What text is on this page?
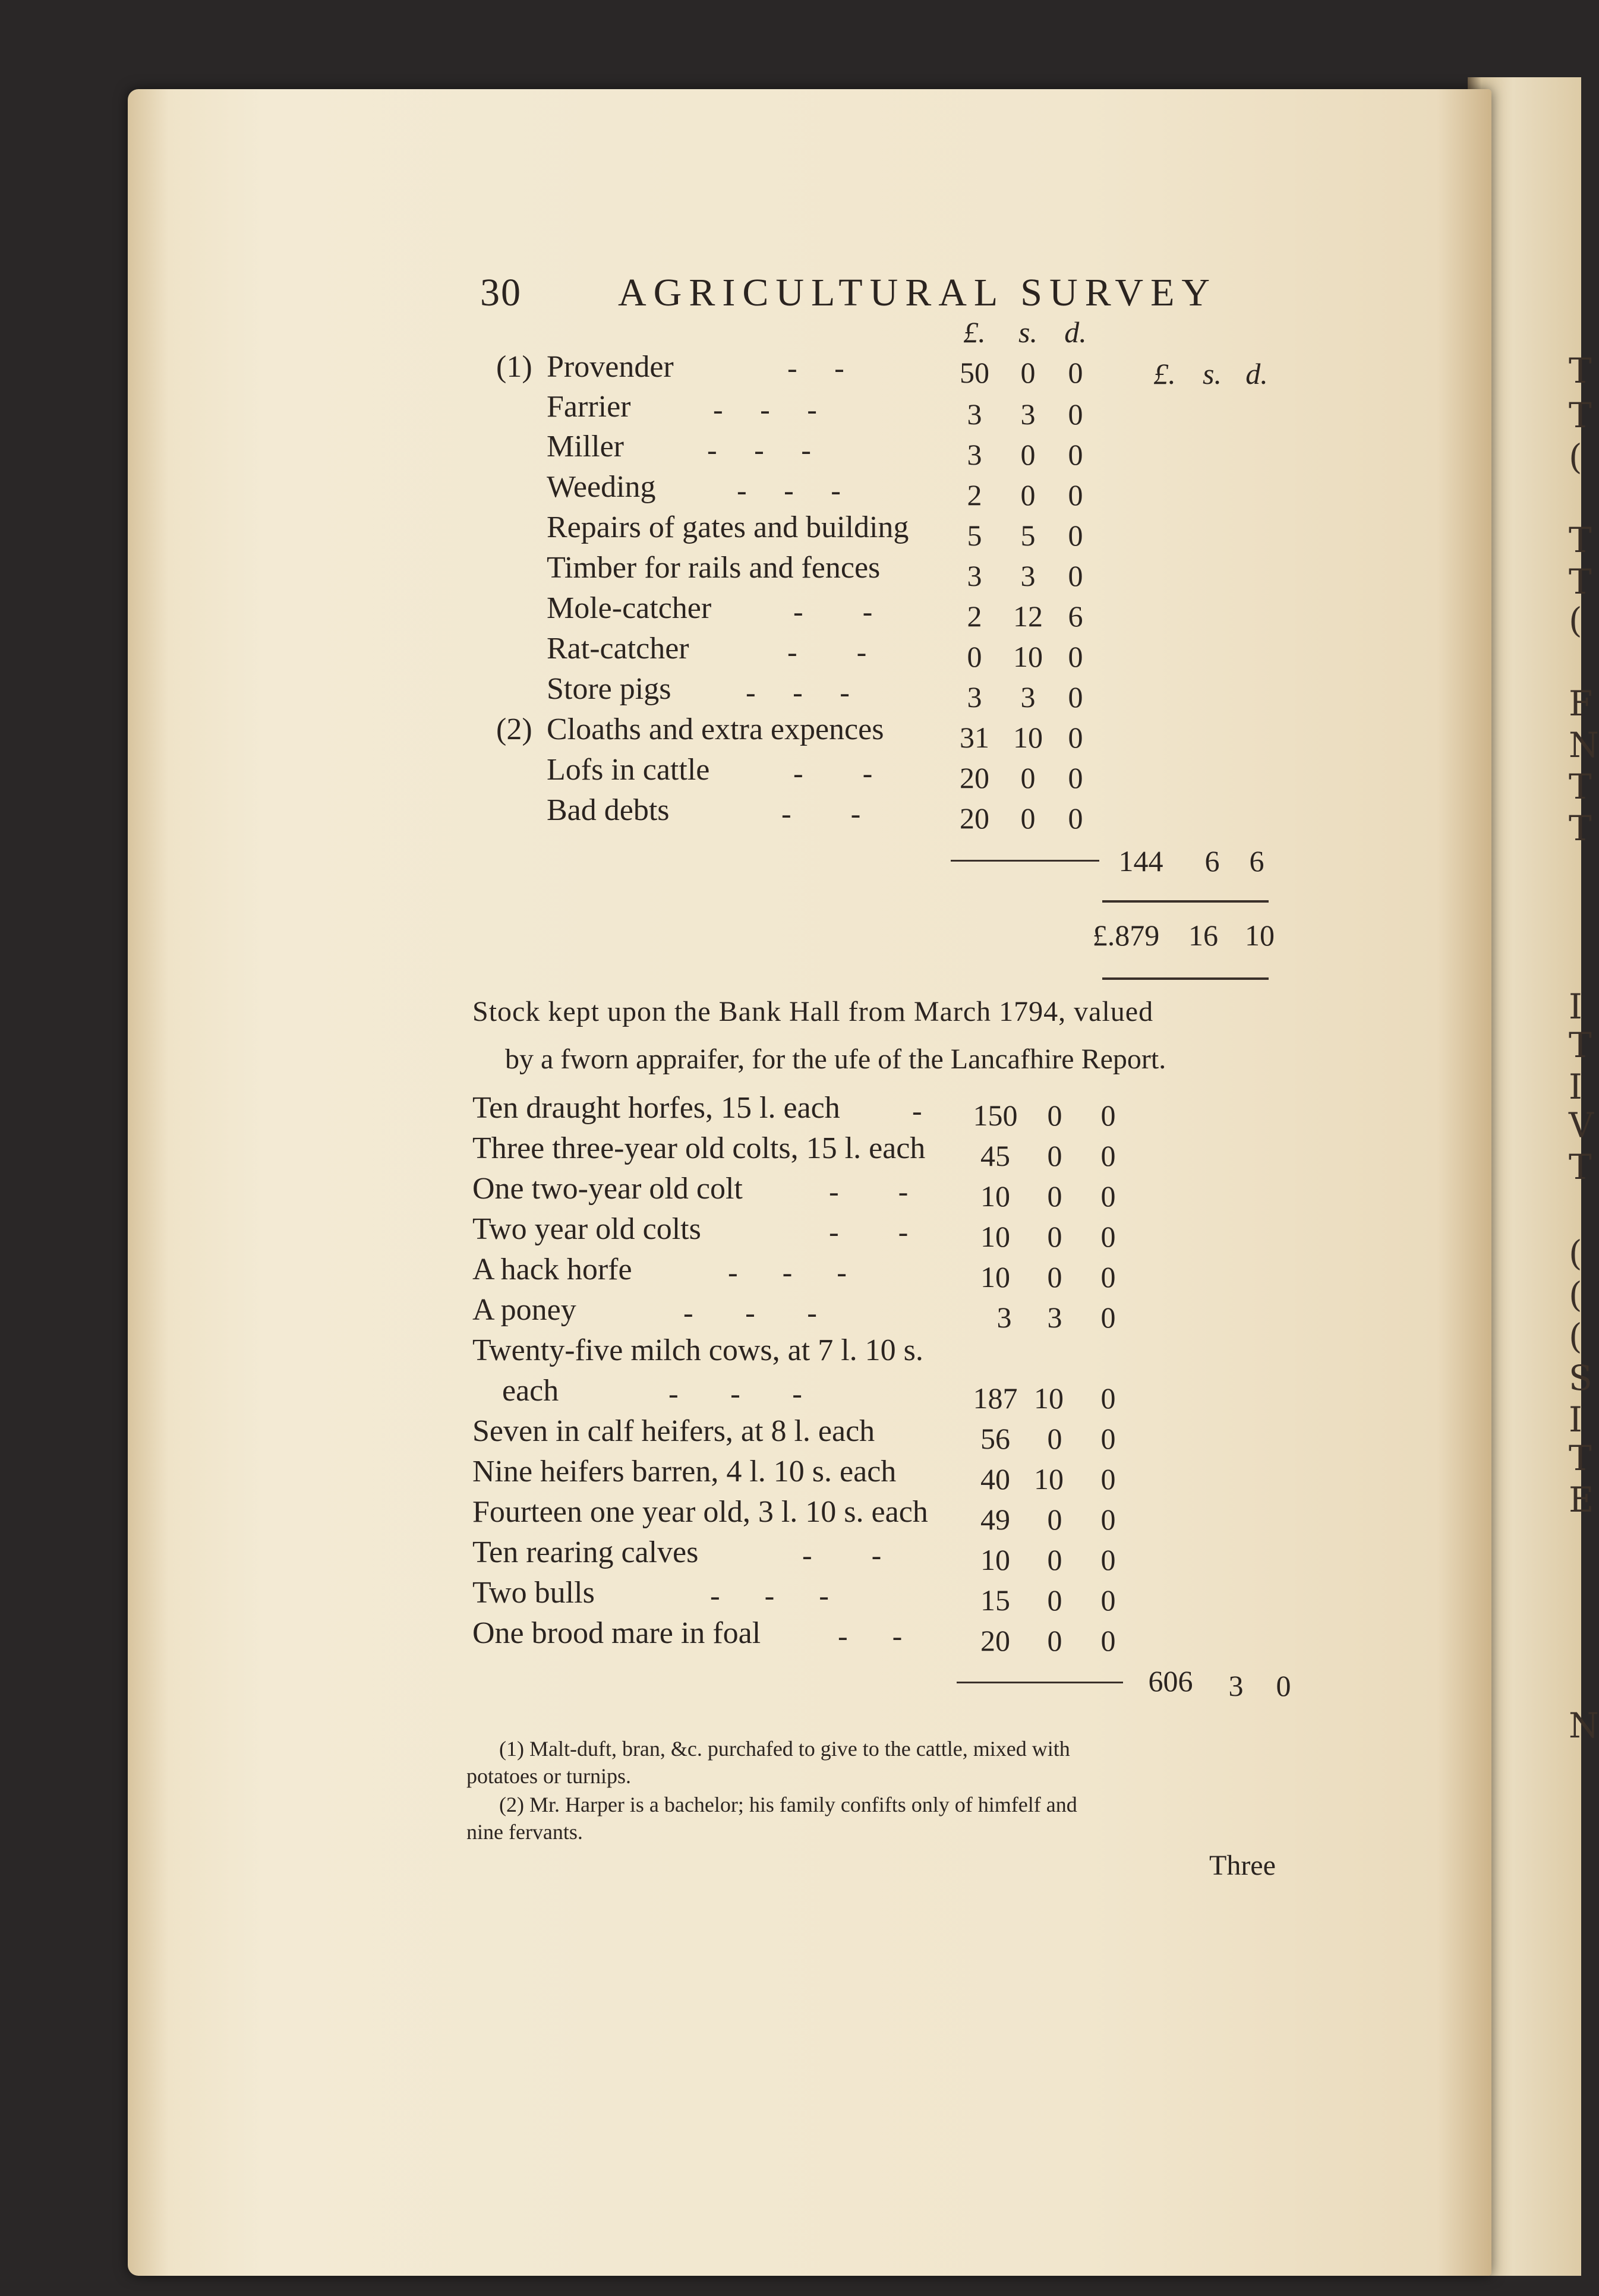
T
T
(
T
T
(
F
N
T
T
I
T
I
V
T
(
(
(
S
I
T
E
N
30 AGRICULTURAL SURVEY
£.	s. d.
£. s. d.
(1) Provender	-     -	50	0	0
Farrier	-     -     -	3	3	0
Miller	-     -     -	3	0	0
Weeding	-     -     -	2	0	0
Repairs of gates and building	5	5	0
Timber for rails and fences	3	3	0
Mole-catcher	-        -	2	12 6
Rat-catcher	-        -	0	10 0
Store pigs	-     -     -	3	3	0
(2) Cloaths and extra expences	31 10 0
Lofs in cattle	-        -	20	0	0
Bad debts	-        -	20	0	0
144	6	6
£.879 16 10
Stock kept upon the Bank Hall from March 1794, valued
by a fworn appraifer, for the ufe of the Lancafhire Report.
Ten draught horfes, 15 l. each - 150	0	0
Three three-year old colts, 15 l. each	45	0	0
One two-year old colt	-        -	10	0	0
Two year old colts	-        -	10	0	0
A hack horfe	-      -      -	10	0	0
A poney	-       -       -	3	3	0
Twenty-five milch cows, at 7 l. 10 s.
each	-       -       -	187 10	0
Seven in calf heifers, at 8 l. each	56	0	0
Nine heifers barren, 4 l. 10 s. each	40 10	0
Fourteen one year old, 3 l. 10 s. each	49	0	0
Ten rearing calves	-        -	10	0	0
Two bulls	-      -      -	15	0	0
One brood mare in foal	-      -	20	0	0
606	3	0
(1) Malt-duft, bran, &c. purchafed to give to the cattle, mixed with
potatoes or turnips.
(2) Mr. Harper is a bachelor; his family confifts only of himfelf and
nine fervants.
Three
